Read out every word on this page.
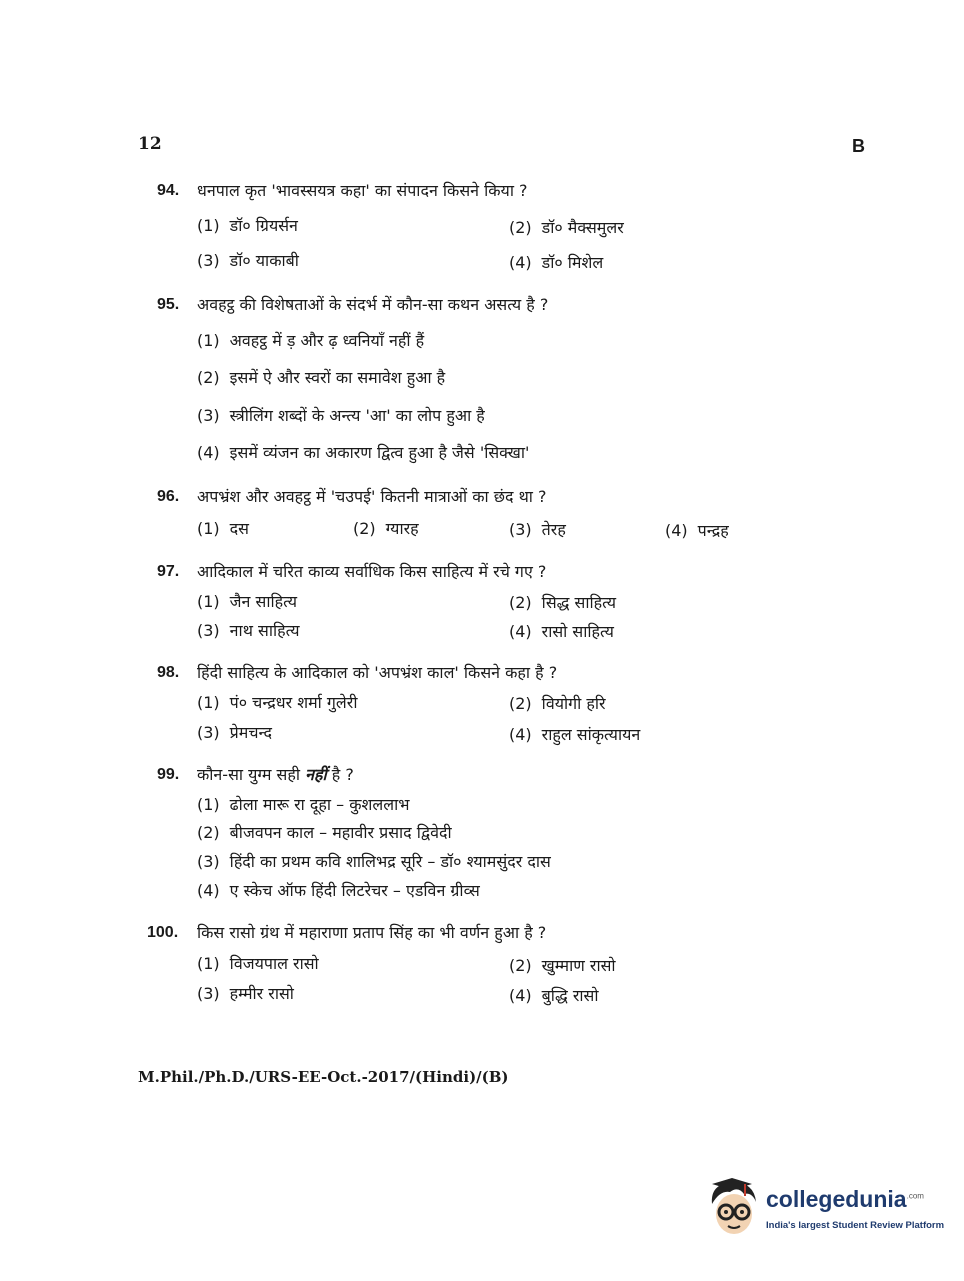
12	B
94. धनपाल कृत 'भावस्सयत्र कहा' का संपादन किसने किया ?
(1) डॉ० ग्रियर्सन	(2) डॉ० मैक्समुलर
(3) डॉ० याकाबी	(4) डॉ० मिशेल
95. अवहट्ठ की विशेषताओं के संदर्भ में कौन-सा कथन असत्य है ?
(1) अवहट्ठ में ड़ और ढ़ ध्वनियाँ नहीं हैं
(2) इसमें ऐ और स्वरों का समावेश हुआ है
(3) स्त्रीलिंग शब्दों के अन्त्य 'आ' का लोप हुआ है
(4) इसमें व्यंजन का अकारण द्वित्व हुआ है जैसे 'सिक्खा'
96. अपभ्रंश और अवहट्ठ में 'चउपई' कितनी मात्राओं का छंद था ?
(1) दस	(2) ग्यारह	(3) तेरह	(4) पन्द्रह
97. आदिकाल में चरित काव्य सर्वाधिक किस साहित्य में रचे गए ?
(1) जैन साहित्य	(2) सिद्ध साहित्य
(3) नाथ साहित्य	(4) रासो साहित्य
98. हिंदी साहित्य के आदिकाल को 'अपभ्रंश काल' किसने कहा है ?
(1) पं० चन्द्रधर शर्मा गुलेरी	(2) वियोगी हरि
(3) प्रेमचन्द	(4) राहुल सांकृत्यायन
99. कौन-सा युग्म सही नहीं है ?
(1) ढोला मारू रा दूहा – कुशललाभ
(2) बीजवपन काल – महावीर प्रसाद द्विवेदी
(3) हिंदी का प्रथम कवि शालिभद्र सूरि – डॉ० श्यामसुंदर दास
(4) ए स्केच ऑफ हिंदी लिटरेचर – एडविन ग्रीव्स
100. किस रासो ग्रंथ में महाराणा प्रताप सिंह का भी वर्णन हुआ है ?
(1) विजयपाल रासो	(2) खुम्माण रासो
(3) हम्मीर रासो	(4) बुद्धि रासो
M.Phil./Ph.D./URS-EE-Oct.-2017/(Hindi)/(B)
collegedunia$^{.com}$
India's largest Student Review Platform
